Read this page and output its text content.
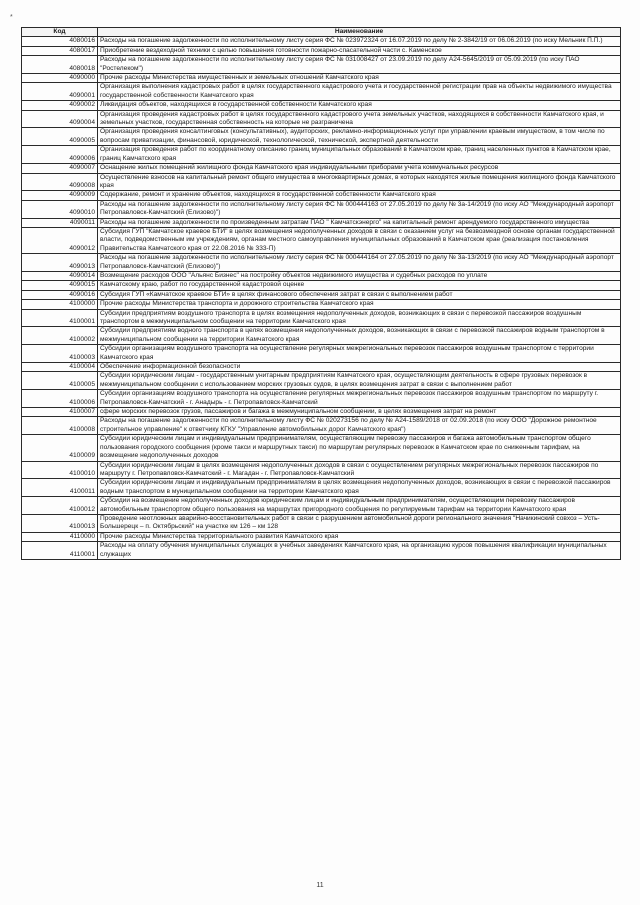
*
Код	Наименование
4080016	Расходы на погашение задолженности по исполнительному листу серия ФС № 023972324 от 16.07.2019 по делу № 2-3842/19 от 06.06.2019 (по иску Мельник П.П.)
4080017	Приобретение вездеходной техники с целью повышения готовности пожарно-спасательной части с. Каменское
4080018	Расходы на погашение задолженности по исполнительному листу серия ФС № 031008427 от 23.09.2019 по делу А24-5645/2019 от 05.09.2019 (по иску ПАО "Ростелеком")
4090000	Прочие расходы Министерства имущественных и земельных отношений Камчатского края
4090001	Организация выполнения кадастровых работ в целях государственного кадастрового учета и государственной регистрации прав на объекты недвижимого имущества государственной собственности Камчатского края
4090002	Ликвидация объектов, находящихся в государственной собственности Камчатского края
4090004	Организация проведения кадастровых работ в целях государственного кадастрового учета земельных участков, находящихся в собственности Камчатского края, и земельных участков, государственная собственность на которые не разграничена
4090005	Организация проведения консалтинговых (консультативных), аудиторских, рекламно-информационных услуг при управлении краевым имуществом, в том числе по вопросам приватизации, финансовой, юридической, технологической, технической, экспертной деятельности
4090006	Организация проведения работ по координатному описанию границ муниципальных образований в Камчатском крае, границ населенных пунктов в Камчатском крае, границ Камчатского края
4090007	Оснащение жилых помещений жилищного фонда Камчатского края индивидуальными приборами учета коммунальных ресурсов
4090008	Осуществление взносов на капитальный ремонт общего имущества в многоквартирных домах, в которых находятся жилые помещения жилищного фонда Камчатского края
4090009	Содержание, ремонт и хранение объектов, находящихся в государственной собственности Камчатского края
4090010	Расходы на погашение задолженности по исполнительному листу серия ФС № 000444163 от 27.05.2019 по делу № 3а-14/2019 (по иску АО "Международный аэропорт Петропавловск-Камчатский (Елизово)")
4090011	Расходы на погашение задолженности по произведенным затратам ПАО " Камчатскэнерго" на капитальный ремонт арендуемого государственного имущества
4090012	Субсидия ГУП "Камчатское краевое БТИ" в целях возмещения недополученных доходов в связи с оказанием услуг на безвозмездной основе органам государственной власти, подведомственным им учреждениям, органам местного самоуправления муниципальных образований в Камчатском крае (реализация постановления Правительства Камчатского края от 22.08.2016 № 333-П)
4090013	Расходы на погашение задолженности по исполнительному листу серия ФС № 000444164 от 27.05.2019 по делу № 3а-13/2019 (по иску АО "Международный аэропорт Петропавловск-Камчатский (Елизово)")
4090014	Возмещение расходов ООО "Альянс Бизнес" на постройку объектов недвижимого имущества и судебных расходов по уплате
4090015	Камчатскому краю, работ по государственной кадастровой оценке
4090016	Субсидия ГУП «Камчатское краевое БТИ» в целях финансового обеспечения затрат в связи с выполнением работ
4100000	Прочие расходы Министерства транспорта и дорожного строительства Камчатского края
4100001	Субсидии предприятиям воздушного транспорта в целях возмещения недополученных доходов, возникающих в связи с перевозкой пассажиров воздушным транспортом в межмуниципальном сообщении на территории Камчатского края
4100002	Субсидии предприятиям водного транспорта в целях возмещения недополученных доходов, возникающих в связи с перевозкой пассажиров водным транспортом в межмуниципальном сообщении на территории Камчатского края
4100003	Субсидии организациям воздушного транспорта на осуществление регулярных межрегиональных перевозок пассажиров воздушным транспортом с территории Камчатского края
4100004	Обеспечение информационной безопасности
4100005	Субсидии юридическим лицам - государственным унитарным предприятиям Камчатского края, осуществляющим деятельность в сфере грузовых перевозок в межмуниципальном сообщении с использованием морских грузовых судов, в целях возмещения затрат в связи с выполнением работ
4100006	Субсидии организациям воздушного транспорта на осуществление регулярных межрегиональных перевозок пассажиров воздушным транспортом по маршруту г. Петропавловск-Камчатский - г. Анадырь - г. Петропавловск-Камчатский
4100007	сфере морских перевозок грузов, пассажиров и багажа в межмуниципальном сообщении, в целях возмещения затрат на ремонт
4100008	Расходы на погашение задолженности по исполнительному листу ФС № 020273156 по делу № А24-1589/2018 от 02.09.2018 (по иску ООО "Дорожное ремонтное строительное управление" к ответчику КГКУ "Управление автомобильных дорог Камчатского края")
4100009	Субсидии юридическим лицам и индивидуальным предпринимателям, осуществляющим перевозку пассажиров и багажа автомобильным транспортом общего пользования городского сообщения (кроме такси и маршрутных такси) по маршрутам регулярных перевозок в Камчатском крае по сниженным тарифам, на возмещение недополученных доходов
4100010	Субсидии юридическим лицам в целях возмещения недополученных доходов в связи с осуществлением регулярных межрегиональных перевозок пассажиров по маршруту г. Петропавловск-Камчатский - г. Магадан - г. Петропавловск-Камчатский
4100011	Субсидии юридическим лицам и индивидуальным предпринимателям в целях возмещения недополученных доходов, возникающих в связи с перевозкой пассажиров водным транспортом в муниципальном сообщении на территории Камчатского края
4100012	Субсидии на возмещение недополученных доходов юридическим лицам и индивидуальным предпринимателям, осуществляющим перевозку пассажиров автомобильным транспортом общего пользования на маршрутах пригородного сообщения по регулируемым тарифам на территории Камчатского края
4100013	Проведение неотложных аварийно-восстановительных работ в связи с разрушением автомобильной дороги регионального значения "Начикинский совхоз – Усть-Большерецк – п. Октябрьский" на участке км 126 – км 128
4110000	Прочие расходы Министерства территориального развития Камчатского края
4110001	Расходы на оплату обучения муниципальных служащих в учебных заведениях Камчатского края, на организацию курсов повышения квалификации муниципальных служащих
11
